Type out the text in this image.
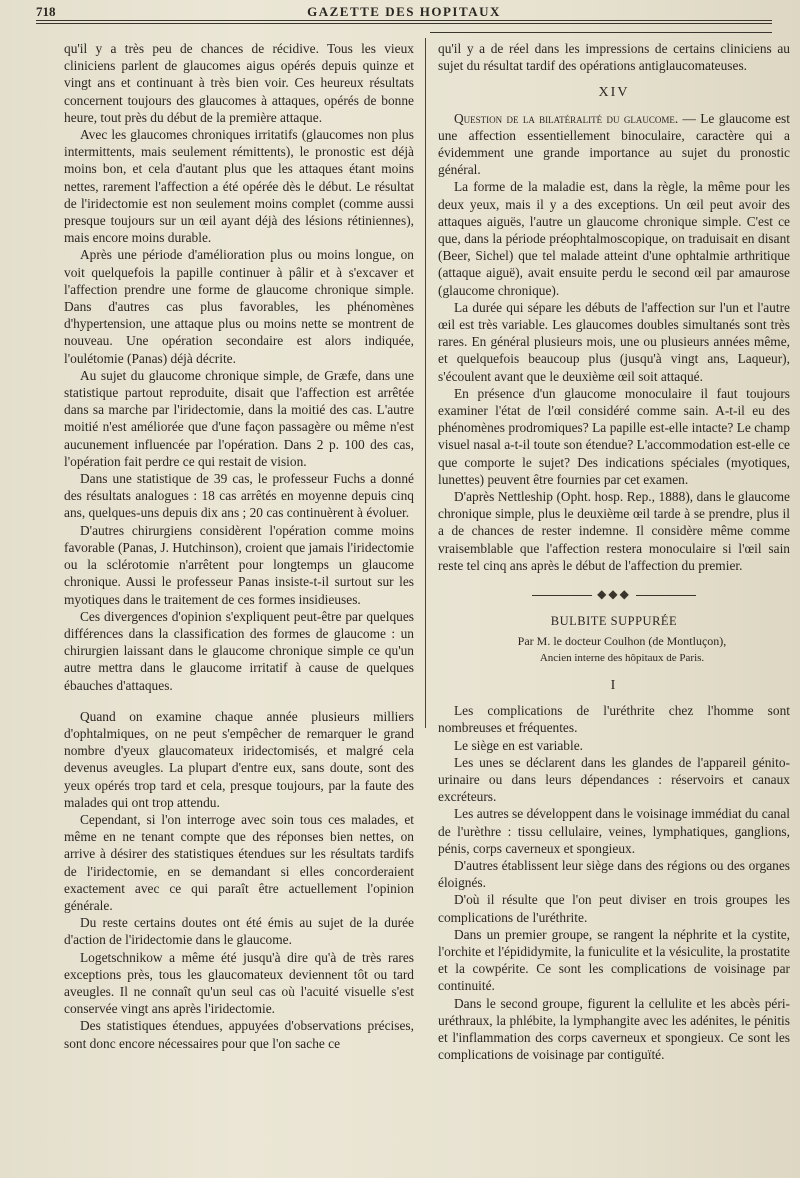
718	GAZETTE DES HOPITAUX

qu'il y a très peu de chances de récidive. Tous les vieux cliniciens parlent de glaucomes aigus opérés depuis quinze et vingt ans et continuant à très bien voir. Ces heureux résultats concernent toujours des glaucomes à attaques, opérés de bonne heure, tout près du début de la première attaque.

Avec les glaucomes chroniques irritatifs (glaucomes non plus intermittents, mais seulement rémittents), le pronostic est déjà moins bon, et cela d'autant plus que les attaques étant moins nettes, rarement l'affection a été opérée dès le début. Le résultat de l'iridectomie est non seulement moins complet (comme aussi presque toujours sur un œil ayant déjà des lésions rétiniennes), mais encore moins durable.

Après une période d'amélioration plus ou moins longue, on voit quelquefois la papille continuer à pâlir et à s'excaver et l'affection prendre une forme de glaucome chronique simple. Dans d'autres cas plus favorables, les phénomènes d'hypertension, une attaque plus ou moins nette se montrent de nouveau. Une opération secondaire est alors indiquée, l'oulétomie (Panas) déjà décrite.

Au sujet du glaucome chronique simple, de Græfe, dans une statistique partout reproduite, disait que l'affection est arrêtée dans sa marche par l'iridectomie, dans la moitié des cas. L'autre moitié n'est améliorée que d'une façon passagère ou même n'est aucunement influencée par l'opération. Dans 2 p. 100 des cas, l'opération fait perdre ce qui restait de vision.

Dans une statistique de 39 cas, le professeur Fuchs a donné des résultats analogues : 18 cas arrêtés en moyenne depuis cinq ans, quelques-uns depuis dix ans ; 20 cas continuèrent à évoluer.

D'autres chirurgiens considèrent l'opération comme moins favorable (Panas, J. Hutchinson), croient que jamais l'iridectomie ou la sclérotomie n'arrêtent pour longtemps un glaucome chronique. Aussi le professeur Panas insiste-t-il surtout sur les myotiques dans le traitement de ces formes insidieuses.

Ces divergences d'opinion s'expliquent peut-être par quelques différences dans la classification des formes de glaucome : un chirurgien laissant dans le glaucome chronique simple ce qu'un autre mettra dans le glaucome irritatif à cause de quelques ébauches d'attaques.

Quand on examine chaque année plusieurs milliers d'ophtalmiques, on ne peut s'empêcher de remarquer le grand nombre d'yeux glaucomateux iridectomisés, et malgré cela devenus aveugles. La plupart d'entre eux, sans doute, sont des yeux opérés trop tard et cela, presque toujours, par la faute des malades qui ont trop attendu.

Cependant, si l'on interroge avec soin tous ces malades, et même en ne tenant compte que des réponses bien nettes, on arrive à désirer des statistiques étendues sur les résultats tardifs de l'iridectomie, en se demandant si elles concorderaient exactement avec ce qui paraît être actuellement l'opinion générale.

Du reste certains doutes ont été émis au sujet de la durée d'action de l'iridectomie dans le glaucome.

Logetschnikow a même été jusqu'à dire qu'à de très rares exceptions près, tous les glaucomateux deviennent tôt ou tard aveugles. Il ne connaît qu'un seul cas où l'acuité visuelle s'est conservée vingt ans après l'iridectomie.

Des statistiques étendues, appuyées d'observations précises, sont donc encore nécessaires pour que l'on sache ce

qu'il y a de réel dans les impressions de certains cliniciens au sujet du résultat tardif des opérations antiglaucomateuses.

XIV

Question de la bilatéralité du glaucome. — Le glaucome est une affection essentiellement binoculaire, caractère qui a évidemment une grande importance au sujet du pronostic général.

La forme de la maladie est, dans la règle, la même pour les deux yeux, mais il y a des exceptions. Un œil peut avoir des attaques aiguës, l'autre un glaucome chronique simple. C'est ce que, dans la période préophtalmoscopique, on traduisait en disant (Beer, Sichel) que tel malade atteint d'une ophtalmie arthritique (attaque aiguë), avait ensuite perdu le second œil par amaurose (glaucome chronique).

La durée qui sépare les débuts de l'affection sur l'un et l'autre œil est très variable. Les glaucomes doubles simultanés sont très rares. En général plusieurs mois, une ou plusieurs années même, et quelquefois beaucoup plus (jusqu'à vingt ans, Laqueur), s'écoulent avant que le deuxième œil soit attaqué.

En présence d'un glaucome monoculaire il faut toujours examiner l'état de l'œil considéré comme sain. A-t-il eu des phénomènes prodromiques? La papille est-elle intacte? Le champ visuel nasal a-t-il toute son étendue? L'accommodation est-elle ce que comporte le sujet? Des indications spéciales (myotiques, lunettes) peuvent être fournies par cet examen.

D'après Nettleship (Opht. hosp. Rep., 1888), dans le glaucome chronique simple, plus le deuxième œil tarde à se prendre, plus il a de chances de rester indemne. Il considère même comme vraisemblable que l'affection restera monoculaire si l'œil sain reste tel cinq ans après le début de l'affection du premier.

◆◆◆
BULBITE SUPPURÉE

Par M. le docteur Coulhon (de Montluçon),

Ancien interne des hôpitaux de Paris.

I

Les complications de l'uréthrite chez l'homme sont nombreuses et fréquentes.

Le siège en est variable.

Les unes se déclarent dans les glandes de l'appareil génito-urinaire ou dans leurs dépendances : réservoirs et canaux excréteurs.

Les autres se développent dans le voisinage immédiat du canal de l'urèthre : tissu cellulaire, veines, lymphatiques, ganglions, pénis, corps caverneux et spongieux.

D'autres établissent leur siège dans des régions ou des organes éloignés.

D'où il résulte que l'on peut diviser en trois groupes les complications de l'uréthrite.

Dans un premier groupe, se rangent la néphrite et la cystite, l'orchite et l'épididymite, la funiculite et la vésiculite, la prostatite et la cowpérite. Ce sont les complications de voisinage par continuité.

Dans le second groupe, figurent la cellulite et les abcès péri-uréthraux, la phlébite, la lymphangite avec les adénites, le pénitis et l'inflammation des corps caverneux et spongieux. Ce sont les complications de voisinage par contiguïté.
